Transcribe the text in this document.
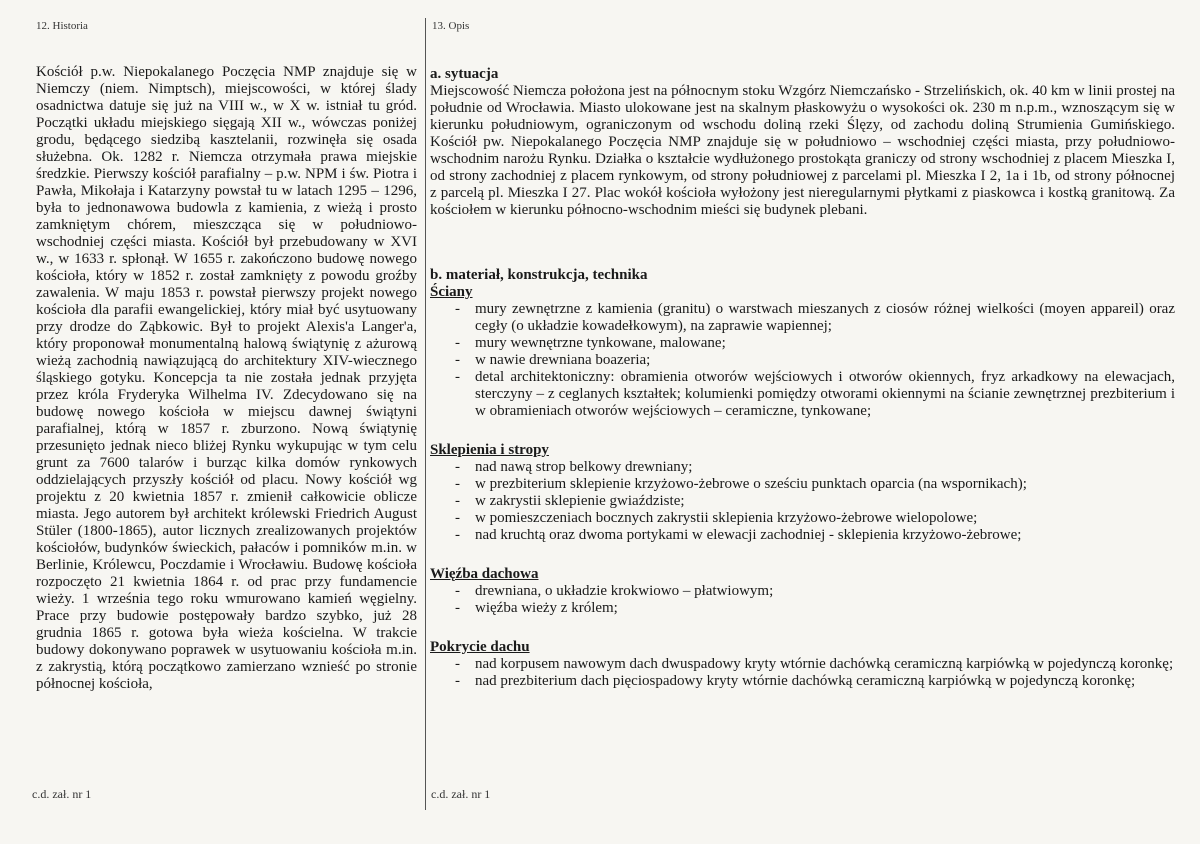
12. Historia	13. Opis

Kościół p.w. Niepokalanego Poczęcia NMP znajduje się w Niemczy (niem. Nimptsch), miejscowości, w której ślady osadnictwa datuje się już na VIII w., w X w. istniał tu gród. Początki układu miejskiego sięgają XII w., wówczas poniżej grodu, będącego siedzibą kasztelanii, rozwinęła się osada służebna. Ok. 1282 r. Niemcza otrzymała prawa miejskie średzkie. Pierwszy kościół parafialny – p.w. NPM i św. Piotra i Pawła, Mikołaja i Katarzyny powstał tu w latach 1295 – 1296, była to jednonawowa budowla z kamienia, z wieżą i prosto zamkniętym chórem, mieszcząca się w południowo-wschodniej części miasta. Kościół był przebudowany w XVI w., w 1633 r. spłonął. W 1655 r. zakończono budowę nowego kościoła, który w 1852 r. został zamknięty z powodu groźby zawalenia. W maju 1853 r. powstał pierwszy projekt nowego kościoła dla parafii ewangelickiej, który miał być usytuowany przy drodze do Ząbkowic. Był to projekt Alexis'a Langer'a, który proponował monumentalną halową świątynię z ażurową wieżą zachodnią nawiązującą do architektury XIV-wiecznego śląskiego gotyku. Koncepcja ta nie została jednak przyjęta przez króla Fryderyka Wilhelma IV. Zdecydowano się na budowę nowego kościoła w miejscu dawnej świątyni parafialnej, którą w 1857 r. zburzono. Nową świątynię przesunięto jednak nieco bliżej Rynku wykupując w tym celu grunt za 7600 talarów i burząc kilka domów rynkowych oddzielających przyszły kościół od placu. Nowy kościół wg projektu z 20 kwietnia 1857 r. zmienił całkowicie oblicze miasta. Jego autorem był architekt królewski Friedrich August Stüler (1800-1865), autor licznych zrealizowanych projektów kościołów, budynków świeckich, pałaców i pomników m.in. w Berlinie, Królewcu, Poczdamie i Wrocławiu. Budowę kościoła rozpoczęto 21 kwietnia 1864 r. od prac przy fundamencie wieży. 1 września tego roku wmurowano kamień węgielny. Prace przy budowie postępowały bardzo szybko, już 28 grudnia 1865 r. gotowa była wieża kościelna. W trakcie budowy dokonywano poprawek w usytuowaniu kościoła m.in. z zakrystią, którą początkowo zamierzano wznieść po stronie północnej kościoła,

c.d. zał. nr 1

a. sytuacja

Miejscowość Niemcza położona jest na północnym stoku Wzgórz Niemczańsko - Strzelińskich, ok. 40 km w linii prostej na południe od Wrocławia. Miasto ulokowane jest na skalnym płaskowyżu o wysokości ok. 230 m n.p.m., wznoszącym się w kierunku południowym, ograniczonym od wschodu doliną rzeki Ślęzy, od zachodu doliną Strumienia Gumińskiego. Kościół pw. Niepokalanego Poczęcia NMP znajduje się w południowo – wschodniej części miasta, przy południowo-wschodnim narożu Rynku. Działka o kształcie wydłużonego prostokąta graniczy od strony wschodniej z placem Mieszka I, od strony zachodniej z placem rynkowym, od strony południowej z parcelami pl. Mieszka I 2, 1a i 1b, od strony północnej z parcelą pl. Mieszka I 27. Plac wokół kościoła wyłożony jest nieregularnymi płytkami z piaskowca i kostką granitową. Za kościołem w kierunku północno-wschodnim mieści się budynek plebani.

b. materiał, konstrukcja, technika

Ściany

- mury zewnętrzne z kamienia (granitu) o warstwach mieszanych z ciosów różnej wielkości (moyen appareil) oraz cegły (o układzie kowadełkowym), na zaprawie wapiennej;
- mury wewnętrzne tynkowane, malowane;
- w nawie drewniana boazeria;
- detal architektoniczny: obramienia otworów wejściowych i otworów okiennych, fryz arkadkowy na elewacjach, sterczyny – z ceglanych kształtek; kolumienki pomiędzy otworami okiennymi na ścianie zewnętrznej prezbiterium i w obramieniach otworów wejściowych – ceramiczne, tynkowane;

Sklepienia i stropy

- nad nawą strop belkowy drewniany;
- w prezbiterium sklepienie krzyżowo-żebrowe o sześciu punktach oparcia (na wspornikach);
- w zakrystii sklepienie gwiaździste;
- w pomieszczeniach bocznych zakrystii sklepienia krzyżowo-żebrowe wielopolowe;
- nad kruchtą oraz dwoma portykami w elewacji zachodniej - sklepienia krzyżowo-żebrowe;

Więźba dachowa

- drewniana, o układzie krokwiowo – płatwiowym;
- więźba wieży z królem;

Pokrycie dachu

- nad korpusem nawowym dach dwuspadowy kryty wtórnie dachówką ceramiczną karpiówką w pojedynczą koronkę;
- nad prezbiterium dach pięciospadowy kryty wtórnie dachówką ceramiczną karpiówką w pojedynczą koronkę;
c.d. zał. nr 1
